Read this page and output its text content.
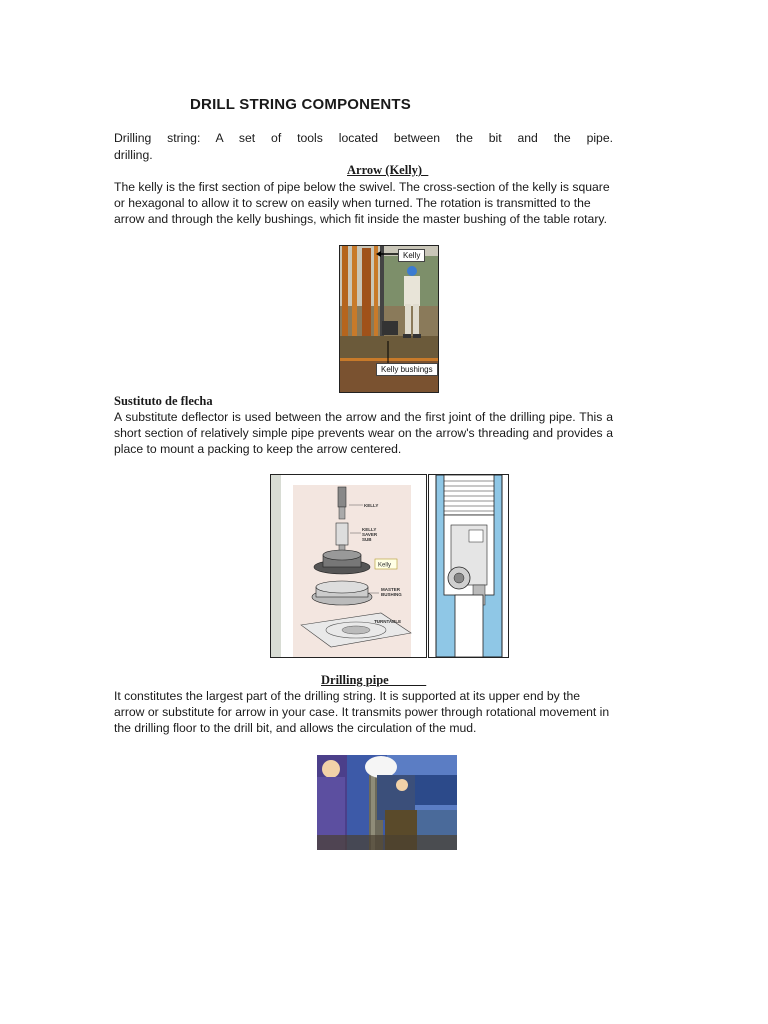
DRILL STRING COMPONENTS
Drilling string: A set of tools located between the bit and the pipe.
drilling.
Arrow (Kelly)
The kelly is the first section of pipe below the swivel. The cross-section of the kelly is square or hexagonal to allow it to screw on easily when turned. The rotation is transmitted to the arrow and through the kelly bushings, which fit inside the master bushing of the table rotary.
Kelly
Kelly bushings
Sustituto de flecha
A substitute deflector is used between the arrow and the first joint of the drilling pipe. This a short section of relatively simple pipe prevents wear on the arrow's threading and provides a place to mount a packing to keep the arrow centered.
KELLY
KELLY
SAVER
SUB
MASTER
BUSHING
TURNTABLE
Kelly
Drilling pipe
It constitutes the largest part of the drilling string. It is supported at its upper end by the arrow or substitute for arrow in your case. It transmits power through rotational movement in the drilling floor to the drill bit, and allows the circulation of the mud.
